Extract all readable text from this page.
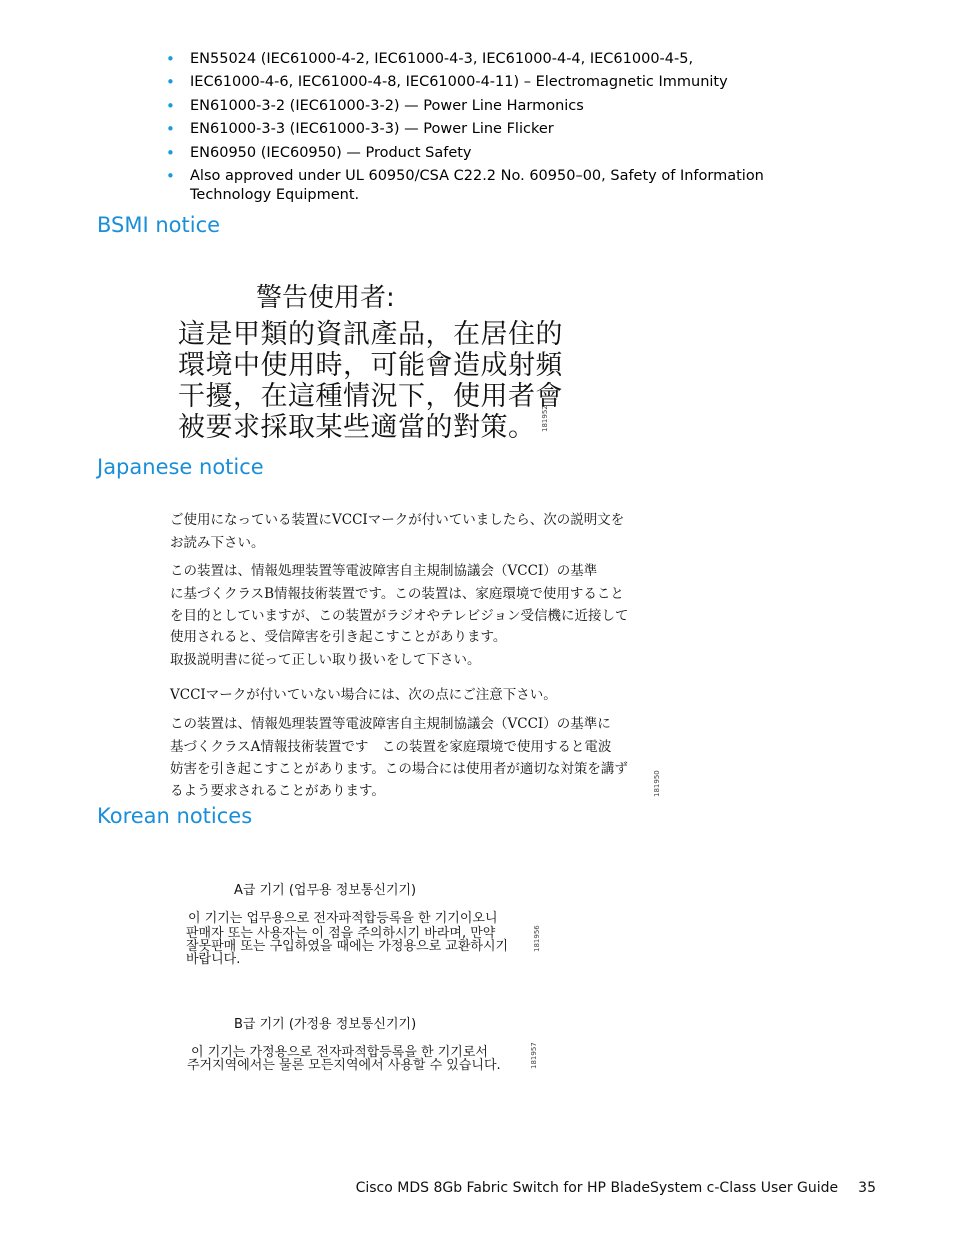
• EN55024 (IEC61000-4-2, IEC61000-4-3, IEC61000-4-4, IEC61000-4-5,
• IEC61000-4-6, IEC61000-4-8, IEC61000-4-11) – Electromagnetic Immunity
• EN61000-3-2 (IEC61000-3-2) — Power Line Harmonics
• EN61000-3-3 (IEC61000-3-3) — Power Line Flicker
• EN60950 (IEC60950) — Product Safety
• Also approved under UL 60950/CSA C22.2 No. 60950–00, Safety of Information Technology Equipment.
BSMI notice
警告使用者:
這是甲類的資訊產品，在居住的
環境中使用時，可能會造成射頻
干擾，在這種情況下，使用者會
被要求採取某些適當的對策。 181952
Japanese notice
ご使用になっている装置にVCCIマークが付いていましたら、次の説明文を
お読み下さい。
この装置は、情報処理装置等電波障害自主規制協議会（VCCI）の基準
に基づくクラスB情報技術装置です。この装置は、家庭環境で使用すること
を目的としていますが、この装置がラジオやテレビジョン受信機に近接して
使用されると、受信障害を引き起こすことがあります。
取扱説明書に従って正しい取り扱いをして下さい。
VCCIマークが付いていない場合には、次の点にご注意下さい。
この装置は、情報処理装置等電波障害自主規制協議会（VCCI）の基準に
基づくクラスA情報技術装置です　この装置を家庭環境で使用すると電波
妨害を引き起こすことがあります。この場合には使用者が適切な対策を講ず
るよう要求されることがあります。	181950
Korean notices
A급 기기 (업무용 정보통신기기)
이 기기는 업무용으로 전자파적합등록을 한 기기이오니
판매자 또는 사용자는 이 점을 주의하시기 바라며, 만약
잘못판매 또는 구입하였을 때에는 가정용으로 교환하시기
바랍니다.
181956
B급 기기 (가정용 정보통신기기)
이 기기는 가정용으로 전자파적합등록을 한 기기로서
주거지역에서는 물론 모든지역에서 사용할 수 있습니다.	181957
Cisco MDS 8Gb Fabric Switch for HP BladeSystem c-Class User Guide 35
